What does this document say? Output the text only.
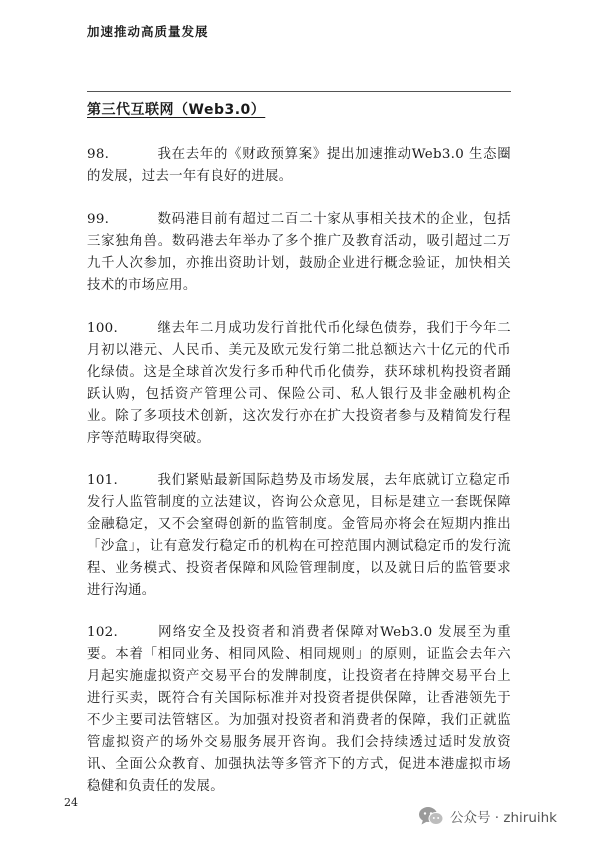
加速推动高质量发展
第三代互联网（Web3.0）
98.	我在去年的《财政预算案》提出加速推动Web3.0 生态圈的发展，过去一年有良好的进展。
99.	数码港目前有超过二百二十家从事相关技术的企业，包括三家独角兽。数码港去年举办了多个推广及教育活动，吸引超过二万九千人次参加，亦推出资助计划，鼓励企业进行概念验证，加快相关技术的市场应用。
100.	继去年二月成功发行首批代币化绿色债券，我们于今年二月初以港元、人民币、美元及欧元发行第二批总额达六十亿元的代币化绿债。这是全球首次发行多币种代币化债券，获环球机构投资者踊跃认购，包括资产管理公司、保险公司、私人银行及非金融机构企业。除了多项技术创新，这次发行亦在扩大投资者参与及精简发行程序等范畴取得突破。
101.	我们紧贴最新国际趋势及市场发展，去年底就订立稳定币发行人监管制度的立法建议，咨询公众意见，目标是建立一套既保障金融稳定，又不会窒碍创新的监管制度。金管局亦将会在短期内推出「沙盒」，让有意发行稳定币的机构在可控范围内测试稳定币的发行流程、业务模式、投资者保障和风险管理制度，以及就日后的监管要求进行沟通。
102.	网络安全及投资者和消费者保障对Web3.0 发展至为重要。本着「相同业务、相同风险、相同规则」的原则，证监会去年六月起实施虚拟资产交易平台的发牌制度，让投资者在持牌交易平台上进行买卖，既符合有关国际标准并对投资者提供保障，让香港领先于不少主要司法管辖区。为加强对投资者和消费者的保障，我们正就监管虚拟资产的场外交易服务展开咨询。我们会持续透过适时发放资讯、全面公众教育、加强执法等多管齐下的方式，促进本港虚拟市场稳健和负责任的发展。
24
公众号 · zhiruihk
